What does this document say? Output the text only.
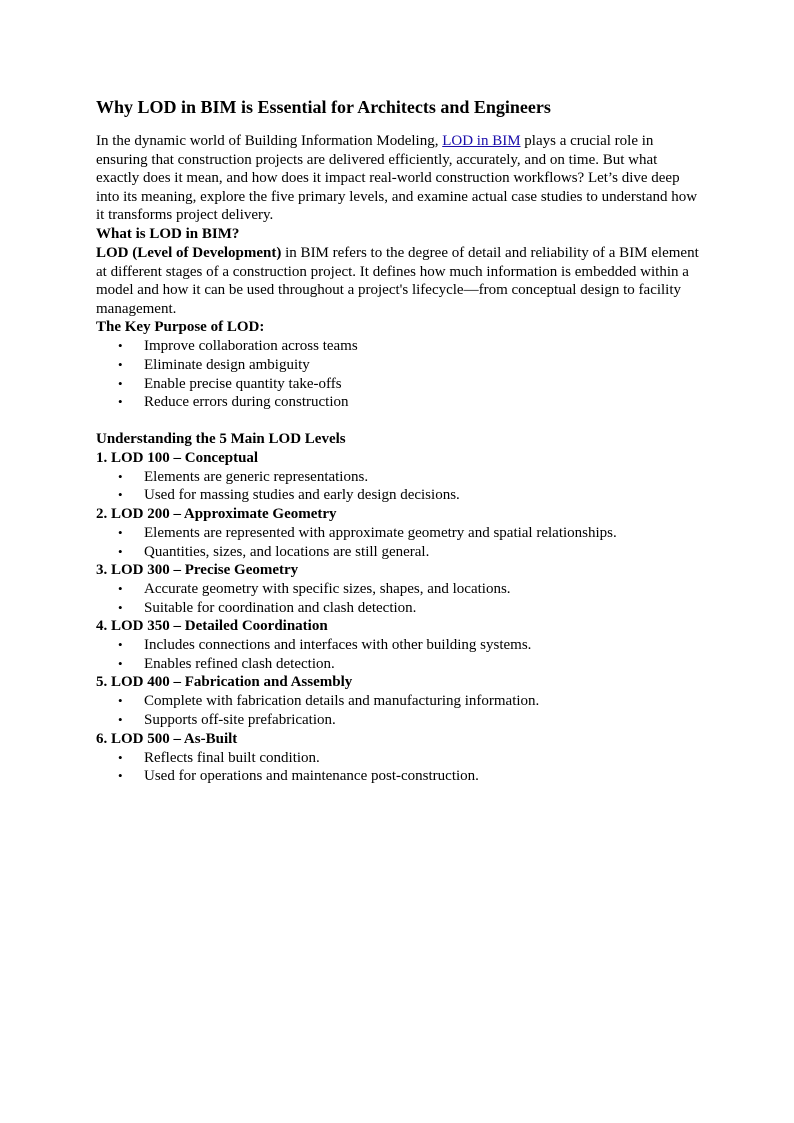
Why LOD in BIM is Essential for Architects and Engineers

In the dynamic world of Building Information Modeling, LOD in BIM plays a crucial role in ensuring that construction projects are delivered efficiently, accurately, and on time. But what exactly does it mean, and how does it impact real-world construction workflows? Let’s dive deep into its meaning, explore the five primary levels, and examine actual case studies to understand how it transforms project delivery.

What is LOD in BIM?

LOD (Level of Development) in BIM refers to the degree of detail and reliability of a BIM element at different stages of a construction project. It defines how much information is embedded within a model and how it can be used throughout a project's lifecycle—from conceptual design to facility management.

The Key Purpose of LOD:
• Improve collaboration across teams
• Eliminate design ambiguity
• Enable precise quantity take-offs
• Reduce errors during construction
Understanding the 5 Main LOD Levels
1. LOD 100 – Conceptual
• Elements are generic representations.
• Used for massing studies and early design decisions.
2. LOD 200 – Approximate Geometry
• Elements are represented with approximate geometry and spatial relationships.
• Quantities, sizes, and locations are still general.
3. LOD 300 – Precise Geometry
• Accurate geometry with specific sizes, shapes, and locations.
• Suitable for coordination and clash detection.
4. LOD 350 – Detailed Coordination
• Includes connections and interfaces with other building systems.
• Enables refined clash detection.
5. LOD 400 – Fabrication and Assembly
• Complete with fabrication details and manufacturing information.
• Supports off-site prefabrication.
6. LOD 500 – As-Built
• Reflects final built condition.
• Used for operations and maintenance post-construction.
